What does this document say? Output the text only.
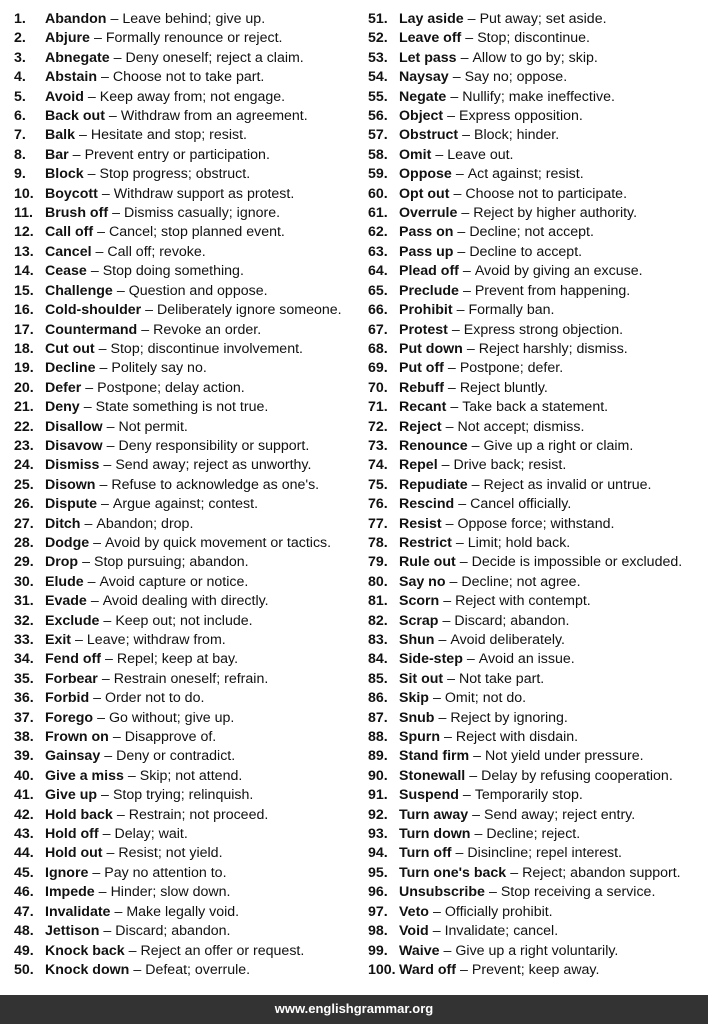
1.	Abandon – Leave behind; give up.
2.	Abjure – Formally renounce or reject.
3.	Abnegate – Deny oneself; reject a claim.
4.	Abstain – Choose not to take part.
5.	Avoid – Keep away from; not engage.
6.	Back out – Withdraw from an agreement.
7.	Balk – Hesitate and stop; resist.
8.	Bar – Prevent entry or participation.
9.	Block – Stop progress; obstruct.
10. Boycott – Withdraw support as protest.
11. Brush off – Dismiss casually; ignore.
12. Call off – Cancel; stop planned event.
13. Cancel – Call off; revoke.
14. Cease – Stop doing something.
15. Challenge – Question and oppose.
16. Cold-shoulder – Deliberately ignore someone.
17. Countermand – Revoke an order.
18. Cut out – Stop; discontinue involvement.
19. Decline – Politely say no.
20. Defer – Postpone; delay action.
21. Deny – State something is not true.
22. Disallow – Not permit.
23. Disavow – Deny responsibility or support.
24. Dismiss – Send away; reject as unworthy.
25. Disown – Refuse to acknowledge as one's.
26. Dispute – Argue against; contest.
27. Ditch – Abandon; drop.
28. Dodge – Avoid by quick movement or tactics.
29. Drop – Stop pursuing; abandon.
30. Elude – Avoid capture or notice.
31. Evade – Avoid dealing with directly.
32. Exclude – Keep out; not include.
33. Exit – Leave; withdraw from.
34. Fend off – Repel; keep at bay.
35. Forbear – Restrain oneself; refrain.
36. Forbid – Order not to do.
37. Forego – Go without; give up.
38. Frown on – Disapprove of.
39. Gainsay – Deny or contradict.
40. Give a miss – Skip; not attend.
41. Give up – Stop trying; relinquish.
42. Hold back – Restrain; not proceed.
43. Hold off – Delay; wait.
44. Hold out – Resist; not yield.
45. Ignore – Pay no attention to.
46. Impede – Hinder; slow down.
47. Invalidate – Make legally void.
48. Jettison – Discard; abandon.
49. Knock back – Reject an offer or request.
50. Knock down – Defeat; overrule.
51. Lay aside – Put away; set aside.
52. Leave off – Stop; discontinue.
53. Let pass – Allow to go by; skip.
54. Naysay – Say no; oppose.
55. Negate – Nullify; make ineffective.
56. Object – Express opposition.
57. Obstruct – Block; hinder.
58. Omit – Leave out.
59. Oppose – Act against; resist.
60. Opt out – Choose not to participate.
61. Overrule – Reject by higher authority.
62. Pass on – Decline; not accept.
63. Pass up – Decline to accept.
64. Plead off – Avoid by giving an excuse.
65. Preclude – Prevent from happening.
66. Prohibit – Formally ban.
67. Protest – Express strong objection.
68. Put down – Reject harshly; dismiss.
69. Put off – Postpone; defer.
70. Rebuff – Reject bluntly.
71. Recant – Take back a statement.
72. Reject – Not accept; dismiss.
73. Renounce – Give up a right or claim.
74. Repel – Drive back; resist.
75. Repudiate – Reject as invalid or untrue.
76. Rescind – Cancel officially.
77. Resist – Oppose force; withstand.
78. Restrict – Limit; hold back.
79. Rule out – Decide is impossible or excluded.
80. Say no – Decline; not agree.
81. Scorn – Reject with contempt.
82. Scrap – Discard; abandon.
83. Shun – Avoid deliberately.
84. Side-step – Avoid an issue.
85. Sit out – Not take part.
86. Skip – Omit; not do.
87. Snub – Reject by ignoring.
88. Spurn – Reject with disdain.
89. Stand firm – Not yield under pressure.
90. Stonewall – Delay by refusing cooperation.
91. Suspend – Temporarily stop.
92. Turn away – Send away; reject entry.
93. Turn down – Decline; reject.
94. Turn off – Disincline; repel interest.
95. Turn one's back – Reject; abandon support.
96. Unsubscribe – Stop receiving a service.
97. Veto – Officially prohibit.
98. Void – Invalidate; cancel.
99. Waive – Give up a right voluntarily.
100. Ward off – Prevent; keep away.
www.englishgrammar.org
